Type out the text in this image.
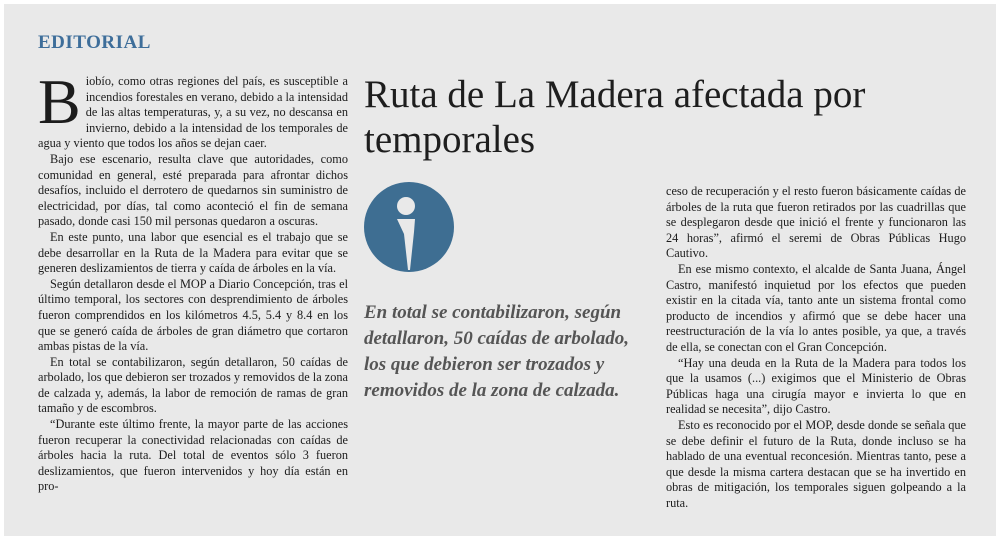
EDITORIAL

Biobío, como otras regiones del país, es susceptible a incendios forestales en verano, debido a la intensidad de las altas temperaturas, y, a su vez, no descansa en invierno, debido a la intensidad de los temporales de agua y viento que todos los años se dejan caer.

Bajo ese escenario, resulta clave que autoridades, como comunidad en general, esté preparada para afrontar dichos desafíos, incluido el derrotero de quedarnos sin suministro de electricidad, por días, tal como aconteció el fin de semana pasado, donde casi 150 mil personas quedaron a oscuras.

En este punto, una labor que esencial es el trabajo que se debe desarrollar en la Ruta de la Madera para evitar que se generen deslizamientos de tierra y caída de árboles en la vía.

Según detallaron desde el MOP a Diario Concepción, tras el último temporal, los sectores con desprendimiento de árboles fueron comprendidos en los kilómetros 4.5, 5.4 y 8.4 en los que se generó caída de árboles de gran diámetro que cortaron ambas pistas de la vía.

En total se contabilizaron, según detallaron, 50 caídas de arbolado, los que debieron ser trozados y removidos de la zona de calzada y, además, la labor de remoción de ramas de gran tamaño y de escombros.

“Durante este último frente, la mayor parte de las acciones fueron recuperar la conectividad relacionadas con caídas de árboles hacia la ruta. Del total de eventos sólo 3 fueron deslizamientos, que fueron intervenidos y hoy día están en pro-

Ruta de La Madera afectada por temporales

En total se contabilizaron, según detallaron, 50 caídas de arbolado, los que debieron ser trozados y removidos de la zona de calzada.

ceso de recuperación y el resto fueron básicamente caídas de árboles de la ruta que fueron retirados por las cuadrillas que se desplegaron desde que inició el frente y funcionaron las 24 horas”, afirmó el seremi de Obras Públicas Hugo Cautivo.

En ese mismo contexto, el alcalde de Santa Juana, Ángel Castro, manifestó inquietud por los efectos que pueden existir en la citada vía, tanto ante un sistema frontal como producto de incendios y afirmó que se debe hacer una reestructuración de la vía lo antes posible, ya que, a través de ella, se conectan con el Gran Concepción.

“Hay una deuda en la Ruta de la Madera para todos los que la usamos (...) exigimos que el Ministerio de Obras Públicas haga una cirugía mayor e invierta lo que en realidad se necesita”, dijo Castro.

Esto es reconocido por el MOP, desde donde se señala que se debe definir el futuro de la Ruta, donde incluso se ha hablado de una eventual reconcesión. Mientras tanto, pese a que desde la misma cartera destacan que se ha invertido en obras de mitigación, los temporales siguen golpeando a la ruta.
